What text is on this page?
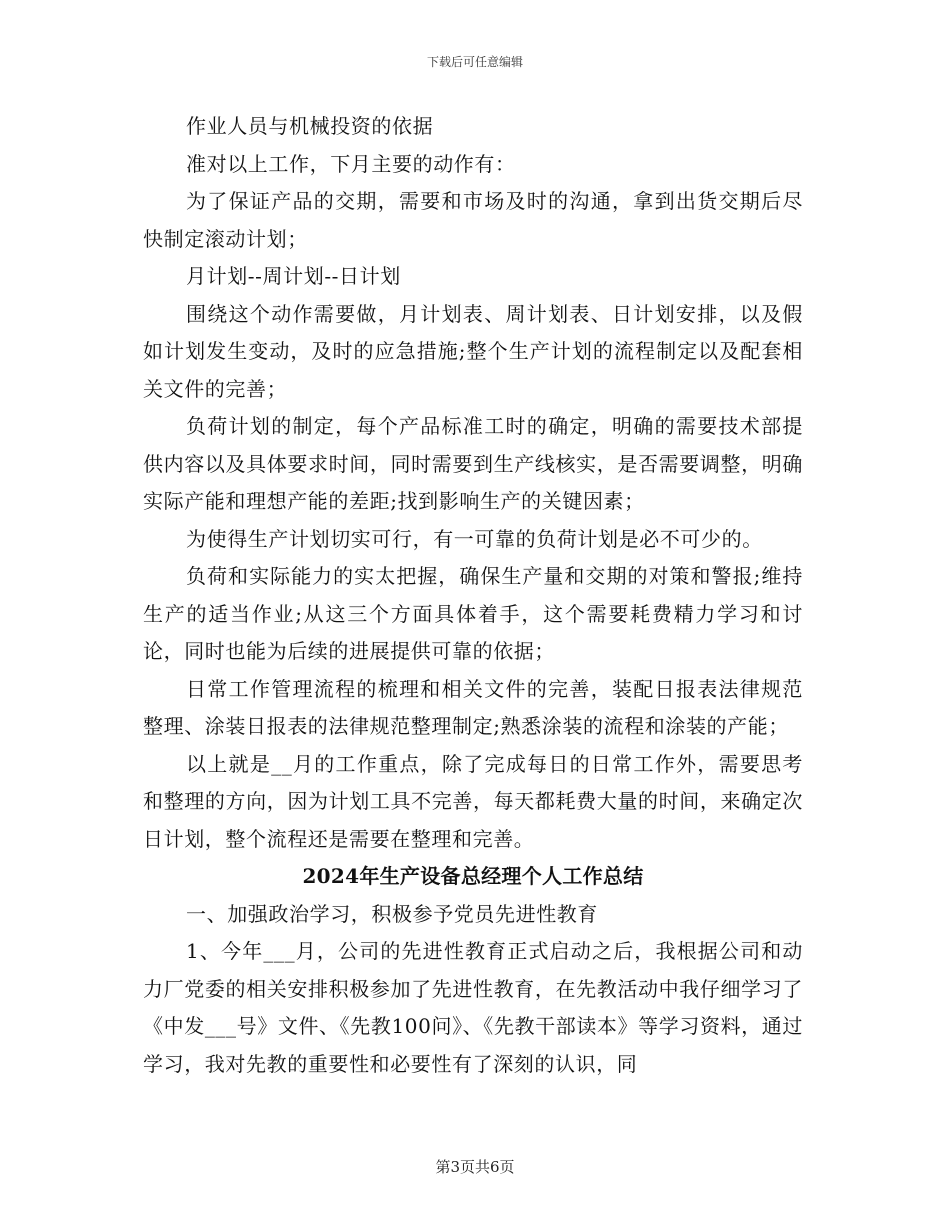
下载后可任意编辑

作业人员与机械投资的依据

准对以上工作，下月主要的动作有：

为了保证产品的交期，需要和市场及时的沟通，拿到出货交期后尽快制定滚动计划；

月计划--周计划--日计划

围绕这个动作需要做，月计划表、周计划表、日计划安排，以及假如计划发生变动，及时的应急措施;整个生产计划的流程制定以及配套相关文件的完善；

负荷计划的制定，每个产品标准工时的确定，明确的需要技术部提供内容以及具体要求时间，同时需要到生产线核实，是否需要调整，明确实际产能和理想产能的差距;找到影响生产的关键因素；

为使得生产计划切实可行，有一可靠的负荷计划是必不可少的。

负荷和实际能力的实太把握，确保生产量和交期的对策和警报;维持生产的适当作业;从这三个方面具体着手，这个需要耗费精力学习和讨论，同时也能为后续的进展提供可靠的依据；

日常工作管理流程的梳理和相关文件的完善，装配日报表法律规范整理、涂装日报表的法律规范整理制定;熟悉涂装的流程和涂装的产能；

以上就是__月的工作重点，除了完成每日的日常工作外，需要思考和整理的方向，因为计划工具不完善，每天都耗费大量的时间，来确定次日计划，整个流程还是需要在整理和完善。

2024年生产设备总经理个人工作总结

一、加强政治学习，积极参予党员先进性教育

1、今年___月，公司的先进性教育正式启动之后，我根据公司和动力厂党委的相关安排积极参加了先进性教育，在先教活动中我仔细学习了《中发___号》文件、《先教100问》、《先教干部读本》等学习资料，通过学习，我对先教的重要性和必要性有了深刻的认识，同

第3页共6页
